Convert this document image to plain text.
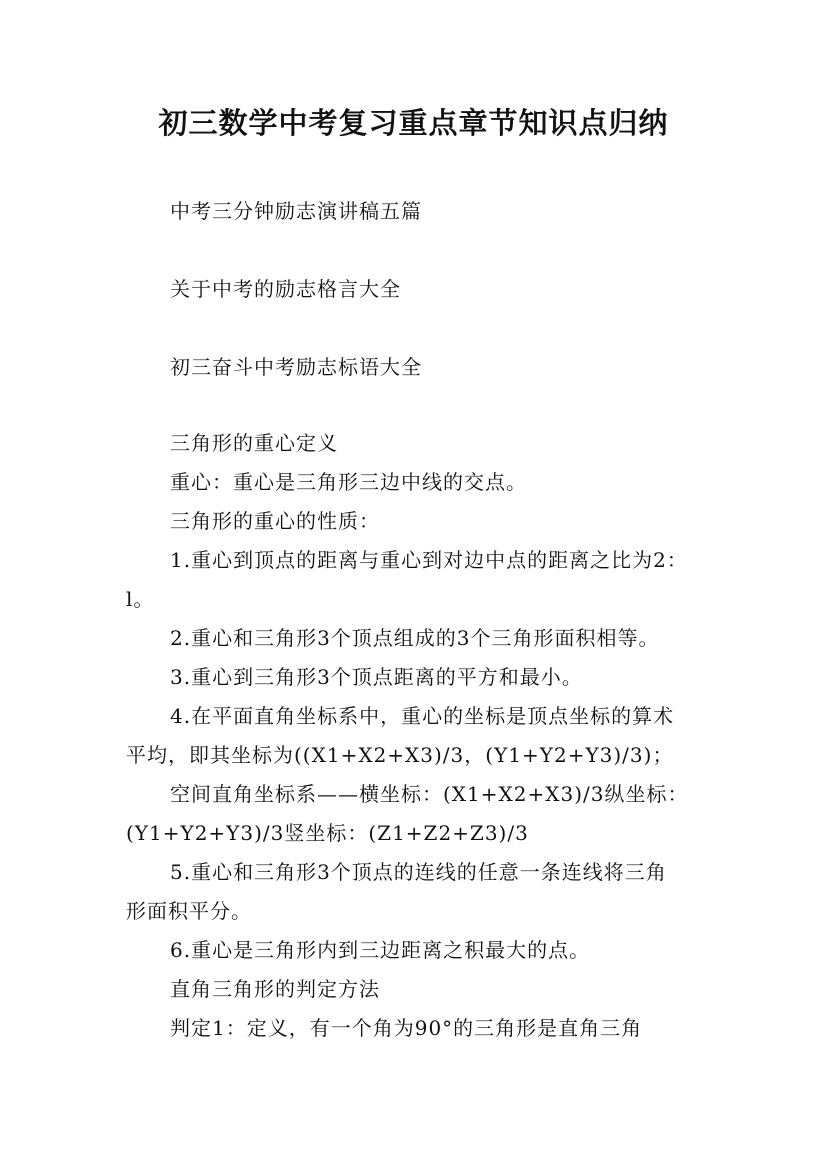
初三数学中考复习重点章节知识点归纳
中考三分钟励志演讲稿五篇
关于中考的励志格言大全
初三奋斗中考励志标语大全
三角形的重心定义
重心：重心是三角形三边中线的交点。
三角形的重心的性质：
1.重心到顶点的距离与重心到对边中点的距离之比为2：
l。
2.重心和三角形3个顶点组成的3个三角形面积相等。
3.重心到三角形3个顶点距离的平方和最小。
4.在平面直角坐标系中，重心的坐标是顶点坐标的算术
平均，即其坐标为((X1+X2+X3)/3，(Y1+Y2+Y3)/3)；
空间直角坐标系——横坐标：(X1+X2+X3)/3纵坐标：
(Y1+Y2+Y3)/3竖坐标：(Z1+Z2+Z3)/3
5.重心和三角形3个顶点的连线的任意一条连线将三角
形面积平分。
6.重心是三角形内到三边距离之积最大的点。
直角三角形的判定方法
判定1：定义，有一个角为90°的三角形是直角三角
